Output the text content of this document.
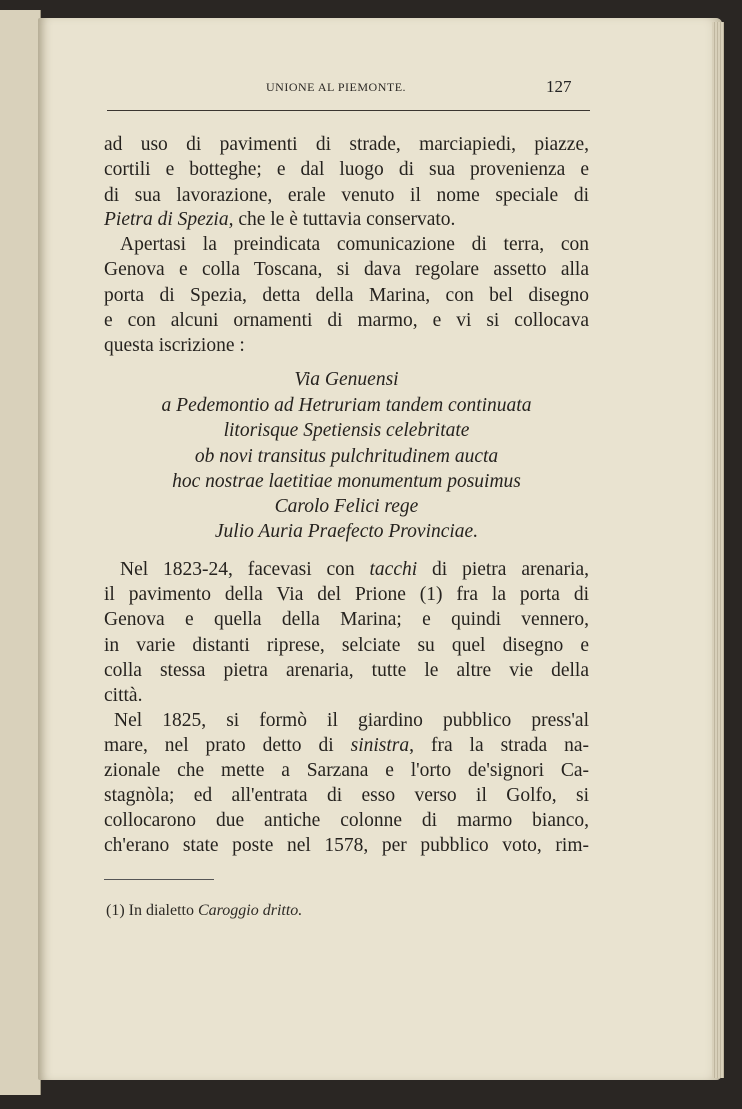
UNIONE AL PIEMONTE.	127
ad uso di pavimenti di strade, marciapiedi, piazze,
cortili e botteghe; e dal luogo di sua provenienza e
di sua lavorazione, erale venuto il nome speciale di
Pietra di Spezia, che le è tuttavia conservato.
Apertasi la preindicata comunicazione di terra, con
Genova e colla Toscana, si dava regolare assetto alla
porta di Spezia, detta della Marina, con bel disegno
e con alcuni ornamenti di marmo, e vi si collocava
questa iscrizione :
Via Genuensi
a Pedemontio ad Hetruriam tandem continuata
litorisque Spetiensis celebritate
ob novi transitus pulchritudinem aucta
hoc nostrae laetitiae monumentum posuimus
Carolo Felici rege
Julio Auria Praefecto Provinciae.
Nel 1823-24, facevasi con tacchi di pietra arenaria,
il pavimento della Via del Prione (1) fra la porta di
Genova e quella della Marina; e quindi vennero,
in varie distanti riprese, selciate su quel disegno e
colla stessa pietra arenaria, tutte le altre vie della
città.
Nel 1825, si formò il giardino pubblico press'al
mare, nel prato detto di sinistra, fra la strada na-
zionale che mette a Sarzana e l'orto de'signori Ca-
stagnòla; ed all'entrata di esso verso il Golfo, si
collocarono due antiche colonne di marmo bianco,
ch'erano state poste nel 1578, per pubblico voto, rim-
(1) In dialetto Caroggio dritto.
